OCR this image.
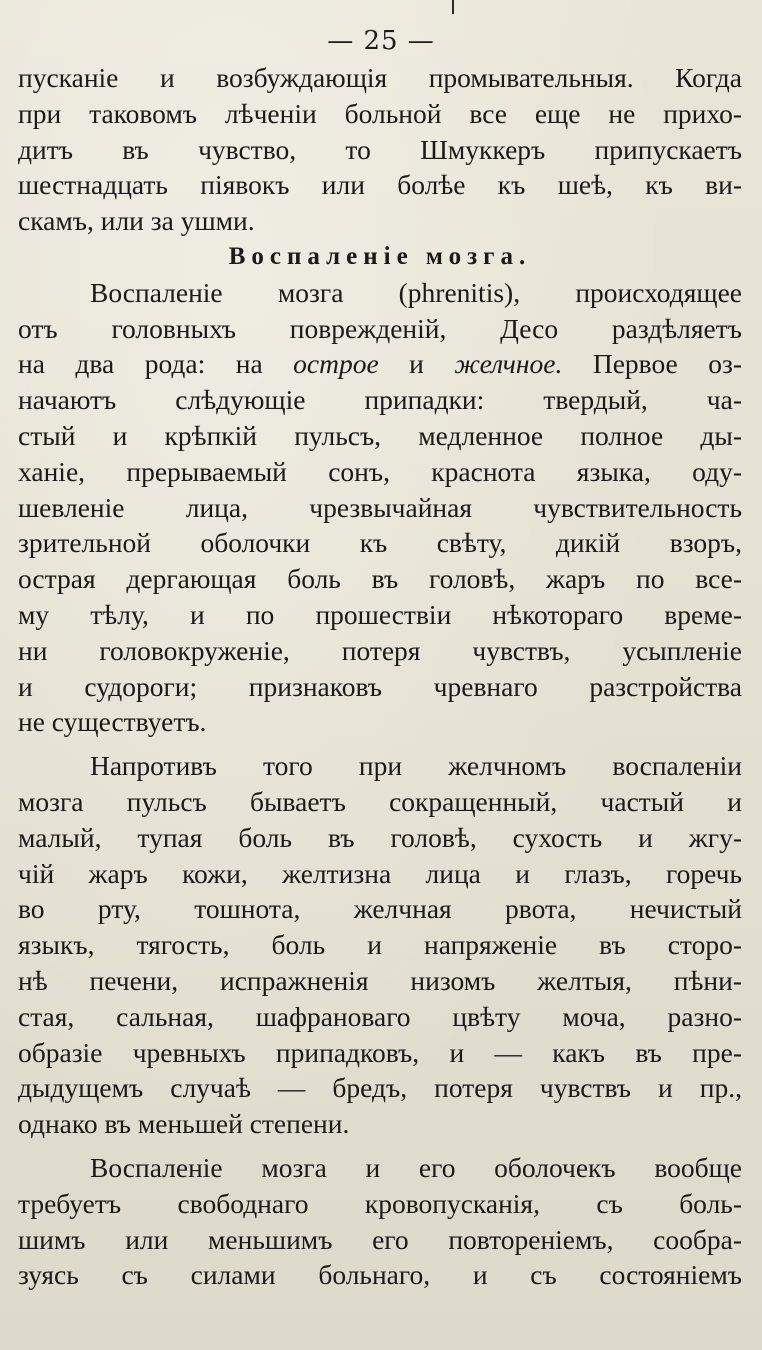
— 25 —
пусканіе и возбуждающія промывательныя. Когда
при таковомъ лѣченіи больной все еще не прихо-
дитъ въ чувство, то Шмуккеръ припускаетъ
шестнадцать піявокъ или болѣе къ шеѣ, къ ви-
скамъ, или за ушми.
Воспаленіе мозга.
Воспаленіе мозга (phrenitis), происходящее
отъ головныхъ поврежденій, Десо раздѣляетъ
на два рода: на острое и желчное. Первое оз-
начаютъ слѣдующіе припадки: твердый, ча-
стый и крѣпкій пульсъ, медленное полное ды-
ханіе, прерываемый сонъ, краснота языка, оду-
шевленіе лица, чрезвычайная чувствительность
зрительной оболочки къ свѣту, дикій взоръ,
острая дергающая боль въ головѣ, жаръ по все-
му тѣлу, и по прошествіи нѣкотораго време-
ни головокруженіе, потеря чувствъ, усыпленіе
и судороги; признаковъ чревнаго разстройства
не существуетъ.
Напротивъ того при желчномъ воспаленіи
мозга пульсъ бываетъ сокращенный, частый и
малый, тупая боль въ головѣ, сухость и жгу-
чій жаръ кожи, желтизна лица и глазъ, горечь
во рту, тошнота, желчная рвота, нечистый
языкъ, тягость, боль и напряженіе въ сторо-
нѣ печени, испражненія низомъ желтыя, пѣни-
стая, сальная, шафрановаго цвѣту моча, разно-
образіе чревныхъ припадковъ, и — какъ въ пре-
дыдущемъ случаѣ — бредъ, потеря чувствъ и пр.,
однако въ меньшей степени.
Воспаленіе мозга и его оболочекъ вообще
требуетъ свободнаго кровопусканія, съ боль-
шимъ или меньшимъ его повтореніемъ, сообра-
зуясь съ силами больнаго, и съ состояніемъ
